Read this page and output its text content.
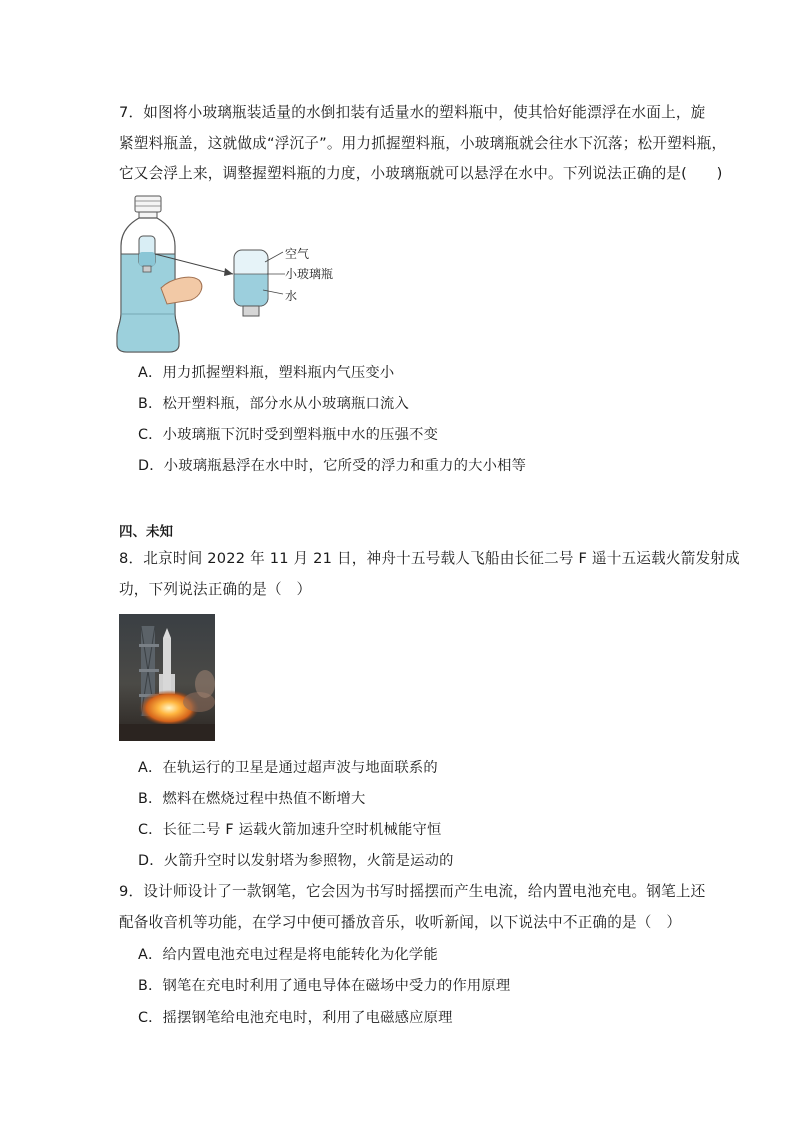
7．如图将小玻璃瓶装适量的水倒扣装有适量水的塑料瓶中，使其恰好能漂浮在水面上，旋
紧塑料瓶盖，这就做成“浮沉子”。用力抓握塑料瓶，小玻璃瓶就会往水下沉落；松开塑料瓶，
它又会浮上来，调整握塑料瓶的力度，小玻璃瓶就可以悬浮在水中。下列说法正确的是(　　)
空气
小玻璃瓶
水
A．用力抓握塑料瓶，塑料瓶内气压变小
B．松开塑料瓶，部分水从小玻璃瓶口流入
C．小玻璃瓶下沉时受到塑料瓶中水的压强不变
D．小玻璃瓶悬浮在水中时，它所受的浮力和重力的大小相等
四、未知
8．北京时间 2022 年 11 月 21 日，神舟十五号载人飞船由长征二号 F 遥十五运载火箭发射成
功，下列说法正确的是（　）
A．在轨运行的卫星是通过超声波与地面联系的
B．燃料在燃烧过程中热值不断增大
C．长征二号 F 运载火箭加速升空时机械能守恒
D．火箭升空时以发射塔为参照物，火箭是运动的
9．设计师设计了一款钢笔，它会因为书写时摇摆而产生电流，给内置电池充电。钢笔上还
配备收音机等功能，在学习中便可播放音乐，收听新闻，以下说法中不正确的是（　）
A．给内置电池充电过程是将电能转化为化学能
B．钢笔在充电时利用了通电导体在磁场中受力的作用原理
C．摇摆钢笔给电池充电时，利用了电磁感应原理
